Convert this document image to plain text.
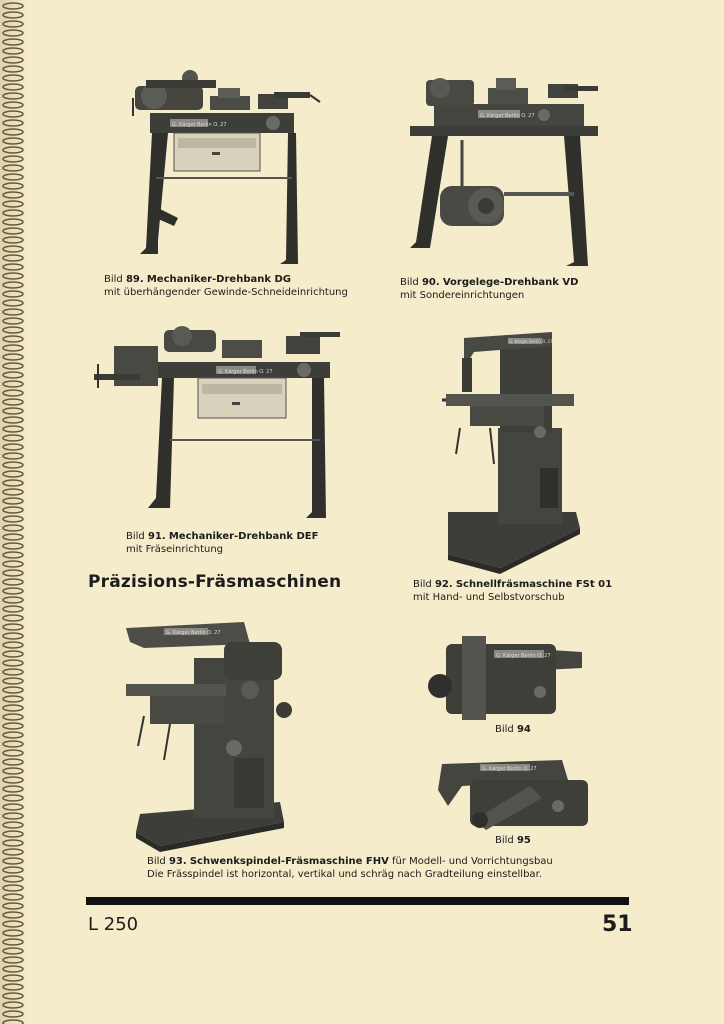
G. Kärger Berlin O. 27
Bild 89. Mechaniker-Drehbank DG
mit überhängender Gewinde-Schneideinrichtung
G. Kärger Berlin O. 27
Bild 90. Vorgelege-Drehbank VD
mit Sondereinrichtungen
G. Kärger Berlin O. 27
Bild 91. Mechaniker-Drehbank DEF
mit Fräseinrichtung
G. Kärger Berlin O. 27
Bild 92. Schnellfräsmaschine FSt 01
mit Hand- und Selbstvorschub
Präzisions-Fräsmaschinen
G. Kärger Berlin O. 27
Bild 93. Schwenkspindel-Fräsmaschine FHV für Modell- und Vorrichtungsbau
Die Frässpindel ist horizontal, vertikal und schräg nach Gradteilung einstellbar.
G. Kärger Berlin O. 27
Bild 94
G. Kärger Berlin O. 27
Bild 95
L 250	51
